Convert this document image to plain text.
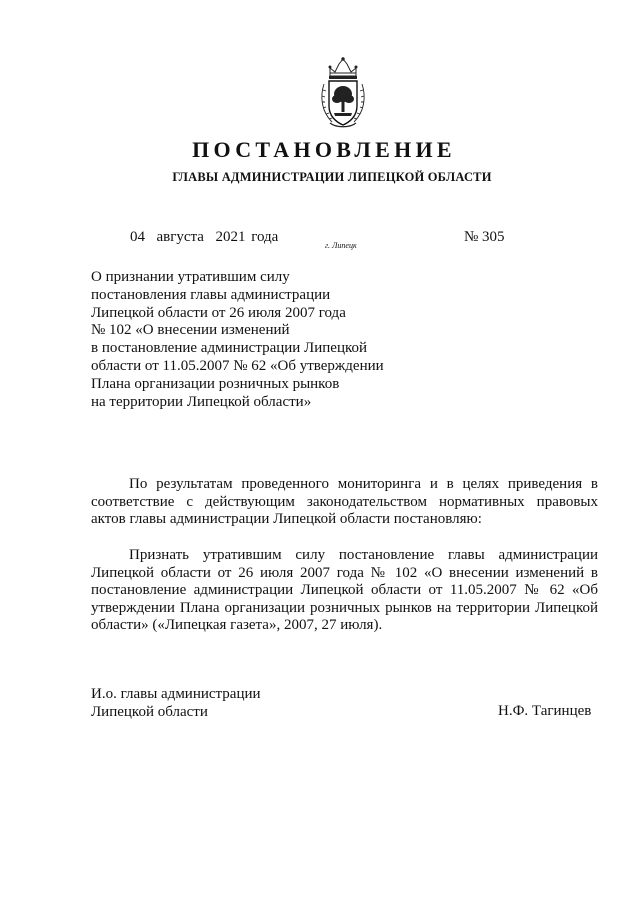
ПОСТАНОВЛЕНИЕ
ГЛАВЫ АДМИНИСТРАЦИИ ЛИПЕЦКОЙ ОБЛАСТИ
04  августа  2021 года
г. Липецк
№ 305
О признании утратившим силу
постановления главы администрации
Липецкой области от 26 июля 2007 года
№ 102 «О внесении изменений
в постановление администрации Липецкой
области от 11.05.2007 № 62 «Об утверждении
Плана организации розничных рынков
на территории Липецкой области»
По результатам проведенного мониторинга и в целях приведения в
соответствие с действующим законодательством нормативных правовых
актов главы администрации Липецкой области постановляю:
Признать утратившим силу постановление главы администрации
Липецкой области от 26 июля 2007 года № 102 «О внесении изменений в
постановление администрации Липецкой области от 11.05.2007 № 62 «Об
утверждении Плана организации розничных рынков на территории Липецкой
области» («Липецкая газета», 2007, 27 июля).
И.о. главы администрации
Липецкой области	Н.Ф. Тагинцев
